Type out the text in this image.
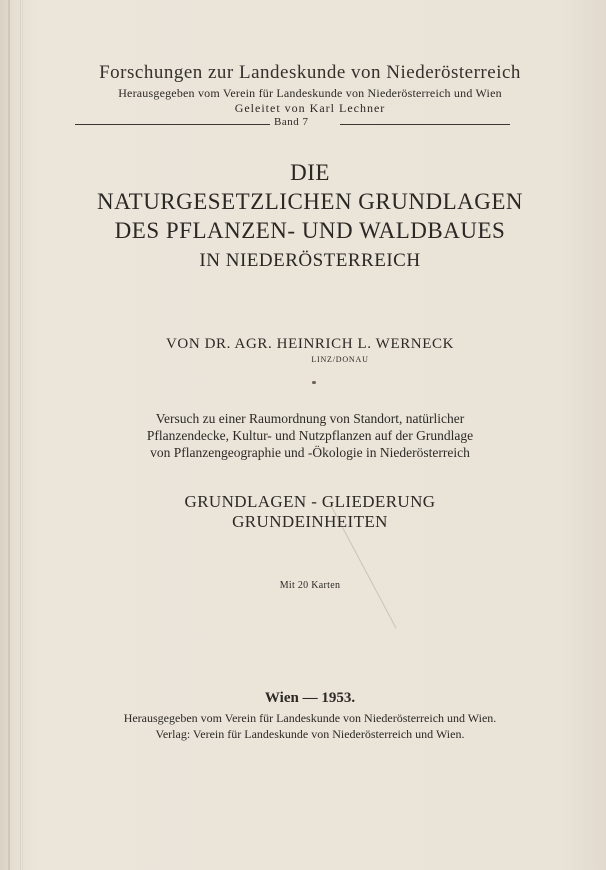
Forschungen zur Landeskunde von Niederösterreich
Herausgegeben vom Verein für Landeskunde von Niederösterreich und Wien
Geleitet von Karl Lechner
Band 7
DIE
NATURGESETZLICHEN GRUNDLAGEN
DES PFLANZEN- UND WALDBAUES
IN NIEDERÖSTERREICH
VON DR. AGR. HEINRICH L. WERNECK
LINZ/DONAU
Versuch zu einer Raumordnung von Standort, natürlicher
Pflanzendecke, Kultur- und Nutzpflanzen auf der Grundlage
von Pflanzengeographie und -Ökologie in Niederösterreich
GRUNDLAGEN - GLIEDERUNG
GRUNDEINHEITEN
Mit 20 Karten
Wien — 1953.
Herausgegeben vom Verein für Landeskunde von Niederösterreich und Wien.
Verlag: Verein für Landeskunde von Niederösterreich und Wien.
